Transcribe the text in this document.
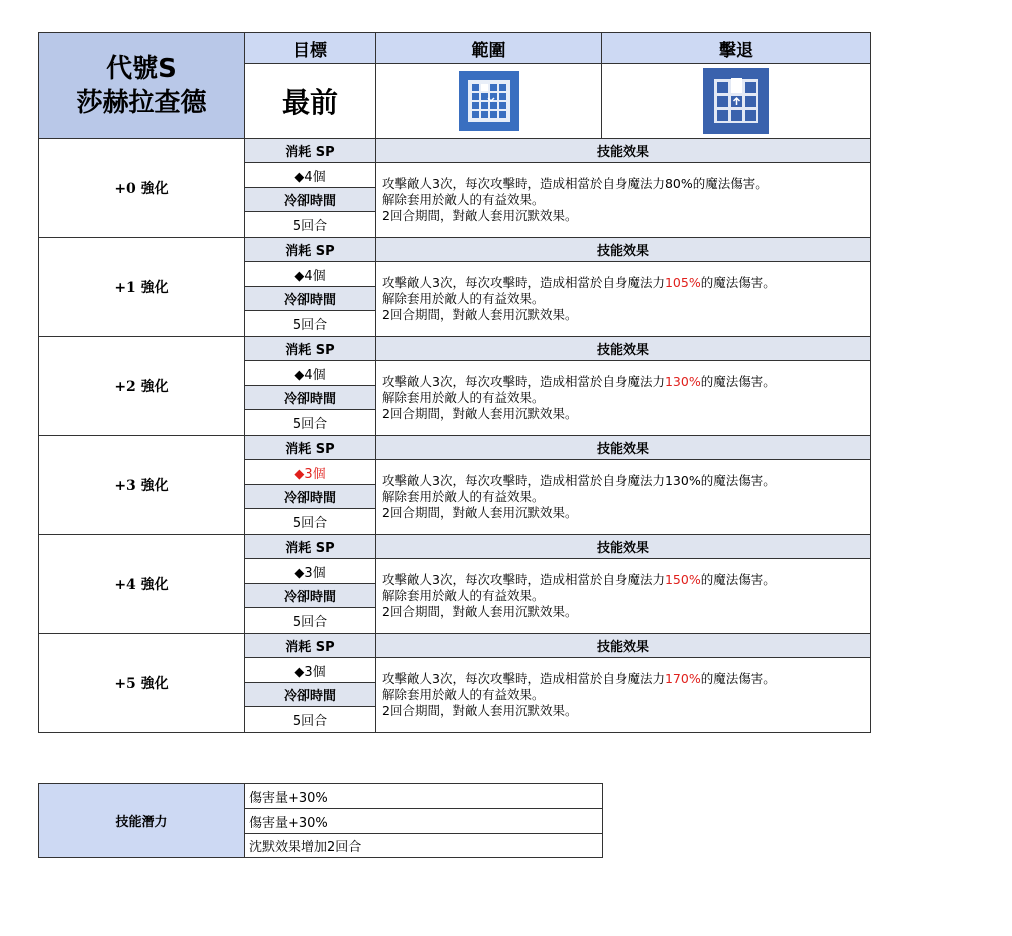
代號S
莎赫拉查德	目標	範圍	擊退
	最前	

+0 強化	消耗 SP	技能效果	
	◆4個	攻擊敵人3次，每次攻擊時，造成相當於自身魔法力80%的魔法傷害。
解除套用於敵人的有益效果。
2回合期間，對敵人套用沉默效果。	

	冷卻時間		
	5回合		
+1 強化	消耗 SP	技能效果	
	◆4個	攻擊敵人3次，每次攻擊時，造成相當於自身魔法力105%的魔法傷害。
解除套用於敵人的有益效果。
2回合期間，對敵人套用沉默效果。	

	冷卻時間		
	5回合		
+2 強化	消耗 SP	技能效果	
	◆4個	攻擊敵人3次，每次攻擊時，造成相當於自身魔法力130%的魔法傷害。
解除套用於敵人的有益效果。
2回合期間，對敵人套用沉默效果。	

	冷卻時間		
	5回合		
+3 強化	消耗 SP	技能效果	
	◆3個	攻擊敵人3次，每次攻擊時，造成相當於自身魔法力130%的魔法傷害。
解除套用於敵人的有益效果。
2回合期間，對敵人套用沉默效果。	

	冷卻時間		
	5回合		
+4 強化	消耗 SP	技能效果	
	◆3個	攻擊敵人3次，每次攻擊時，造成相當於自身魔法力150%的魔法傷害。
解除套用於敵人的有益效果。
2回合期間，對敵人套用沉默效果。	

	冷卻時間		
	5回合		
+5 強化	消耗 SP	技能效果	
	◆3個	攻擊敵人3次，每次攻擊時，造成相當於自身魔法力170%的魔法傷害。
解除套用於敵人的有益效果。
2回合期間，對敵人套用沉默效果。	

	冷卻時間		
	5回合		
技能潛力	傷害量+30%
傷害量+30%
沈默效果增加2回合
